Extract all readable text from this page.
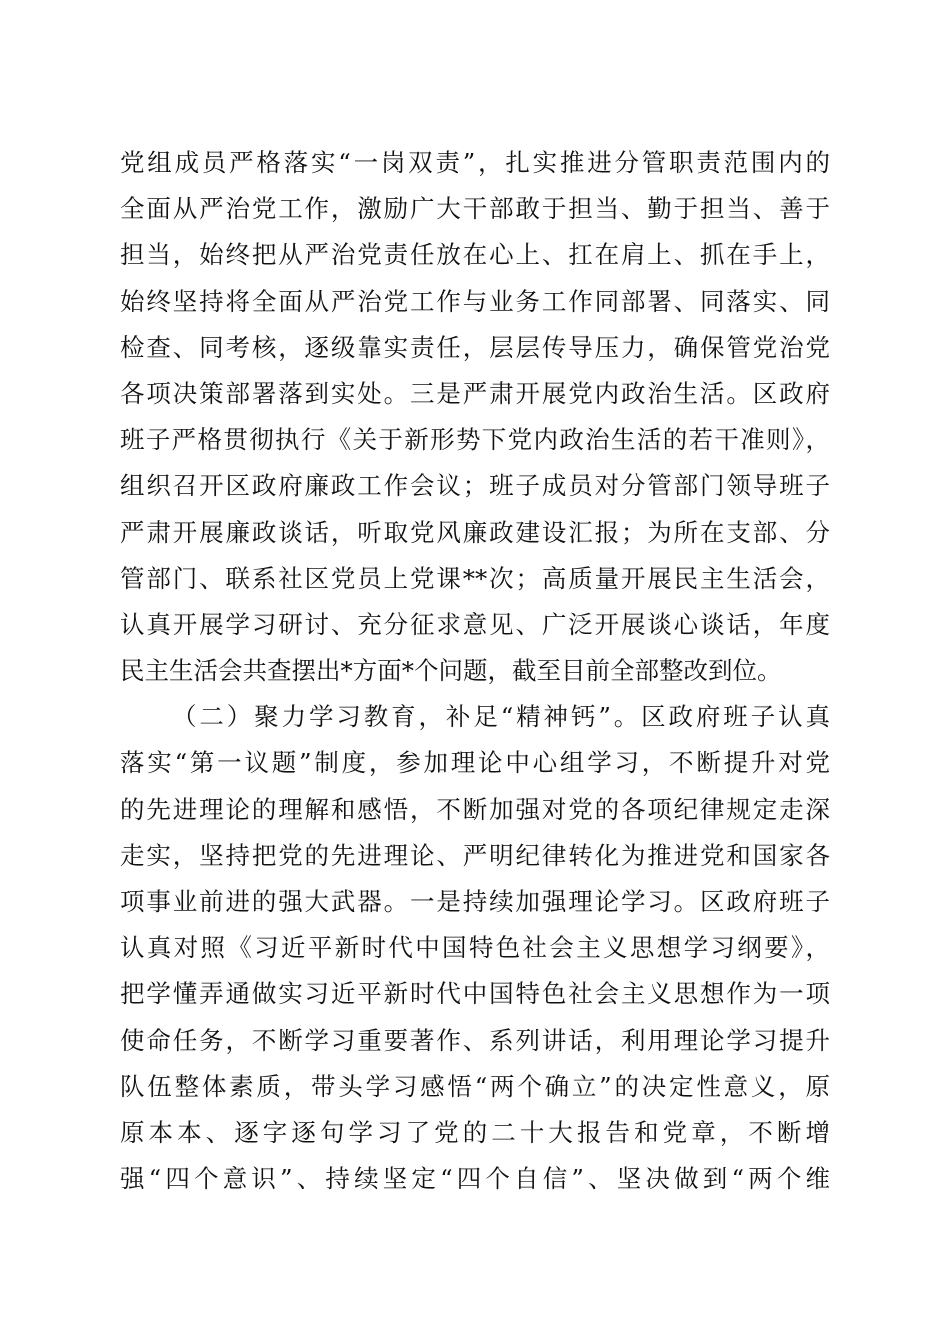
党组成员严格落实“一岗双责”，扎实推进分管职责范围内的
全面从严治党工作，激励广大干部敢于担当、勤于担当、善于
担当，始终把从严治党责任放在心上、扛在肩上、抓在手上，
始终坚持将全面从严治党工作与业务工作同部署、同落实、同
检查、同考核，逐级靠实责任，层层传导压力，确保管党治党
各项决策部署落到实处。三是严肃开展党内政治生活。区政府
班子严格贯彻执行《关于新形势下党内政治生活的若干准则》，
组织召开区政府廉政工作会议；班子成员对分管部门领导班子
严肃开展廉政谈话，听取党风廉政建设汇报；为所在支部、分
管部门、联系社区党员上党课**次；高质量开展民主生活会，
认真开展学习研讨、充分征求意见、广泛开展谈心谈话，年度
民主生活会共查摆出*方面*个问题，截至目前全部整改到位。
（二）聚力学习教育，补足“精神钙”。区政府班子认真
落实“第一议题”制度，参加理论中心组学习，不断提升对党
的先进理论的理解和感悟，不断加强对党的各项纪律规定走深
走实，坚持把党的先进理论、严明纪律转化为推进党和国家各
项事业前进的强大武器。一是持续加强理论学习。区政府班子
认真对照《习近平新时代中国特色社会主义思想学习纲要》，
把学懂弄通做实习近平新时代中国特色社会主义思想作为一项
使命任务，不断学习重要著作、系列讲话，利用理论学习提升
队伍整体素质，带头学习感悟“两个确立”的决定性意义，原
原本本、逐字逐句学习了党的二十大报告和党章，不断增
强“四个意识”、持续坚定“四个自信”、坚决做到“两个维
